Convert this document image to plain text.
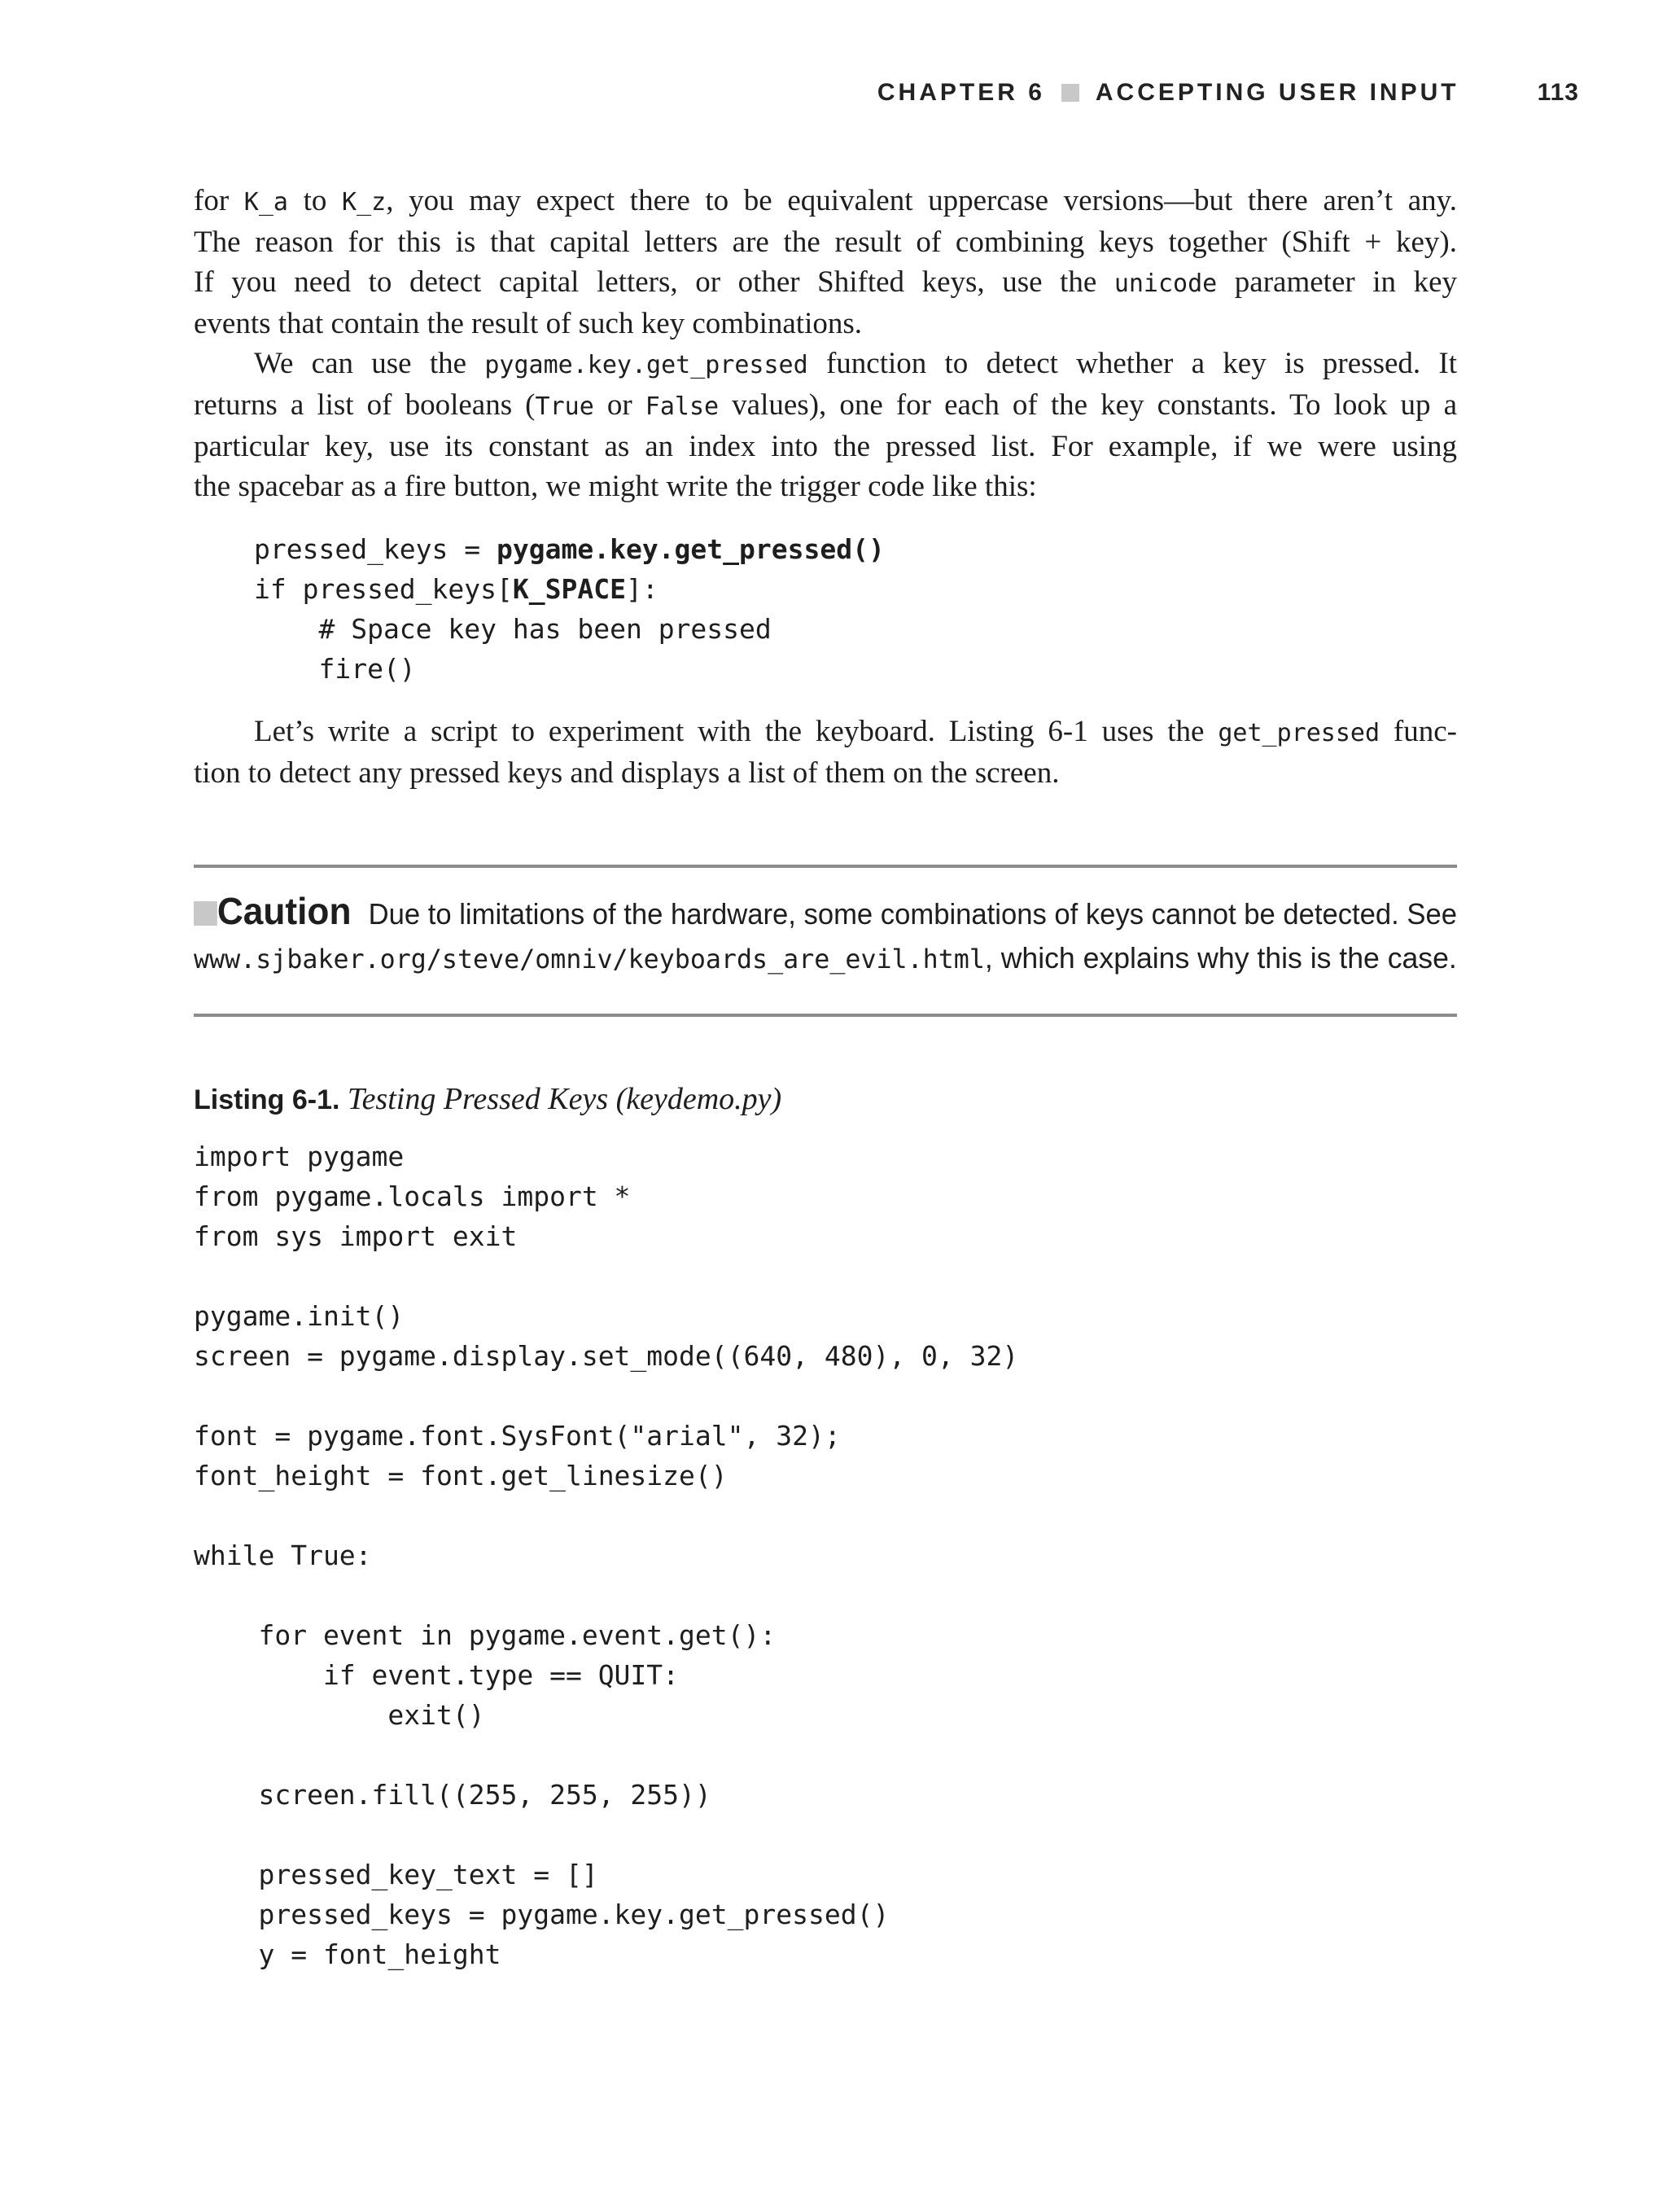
CHAPTER 6 ACCEPTING USER INPUT	113

for K_a to K_z, you may expect there to be equivalent uppercase versions—but there aren’t any.
The reason for this is that capital letters are the result of combining keys together (Shift + key).
If you need to detect capital letters, or other Shifted keys, use the unicode parameter in key
events that contain the result of such key combinations.

We can use the pygame.key.get_pressed function to detect whether a key is pressed. It
returns a list of booleans (True or False values), one for each of the key constants. To look up a
particular key, use its constant as an index into the pressed list. For example, if we were using
the spacebar as a fire button, we might write the trigger code like this:

pressed_keys = pygame.key.get_pressed()
if pressed_keys[K_SPACE]:
# Space key has been pressed
fire()

Let’s write a script to experiment with the keyboard. Listing 6-1 uses the get_pressed func-
tion to detect any pressed keys and displays a list of them on the screen.

Caution Due to limitations of the hardware, some combinations of keys cannot be detected. See
www.sjbaker.org/steve/omniv/keyboards_are_evil.html, which explains why this is the case.
Listing 6-1. Testing Pressed Keys (keydemo.py)
import pygame
from pygame.locals import *
from sys import exit

pygame.init()
screen = pygame.display.set_mode((640, 480), 0, 32)

font = pygame.font.SysFont("arial", 32);
font_height = font.get_linesize()

while True:

for event in pygame.event.get():
if event.type == QUIT:
exit()

screen.fill((255, 255, 255))

pressed_key_text = []
pressed_keys = pygame.key.get_pressed()
y = font_height
